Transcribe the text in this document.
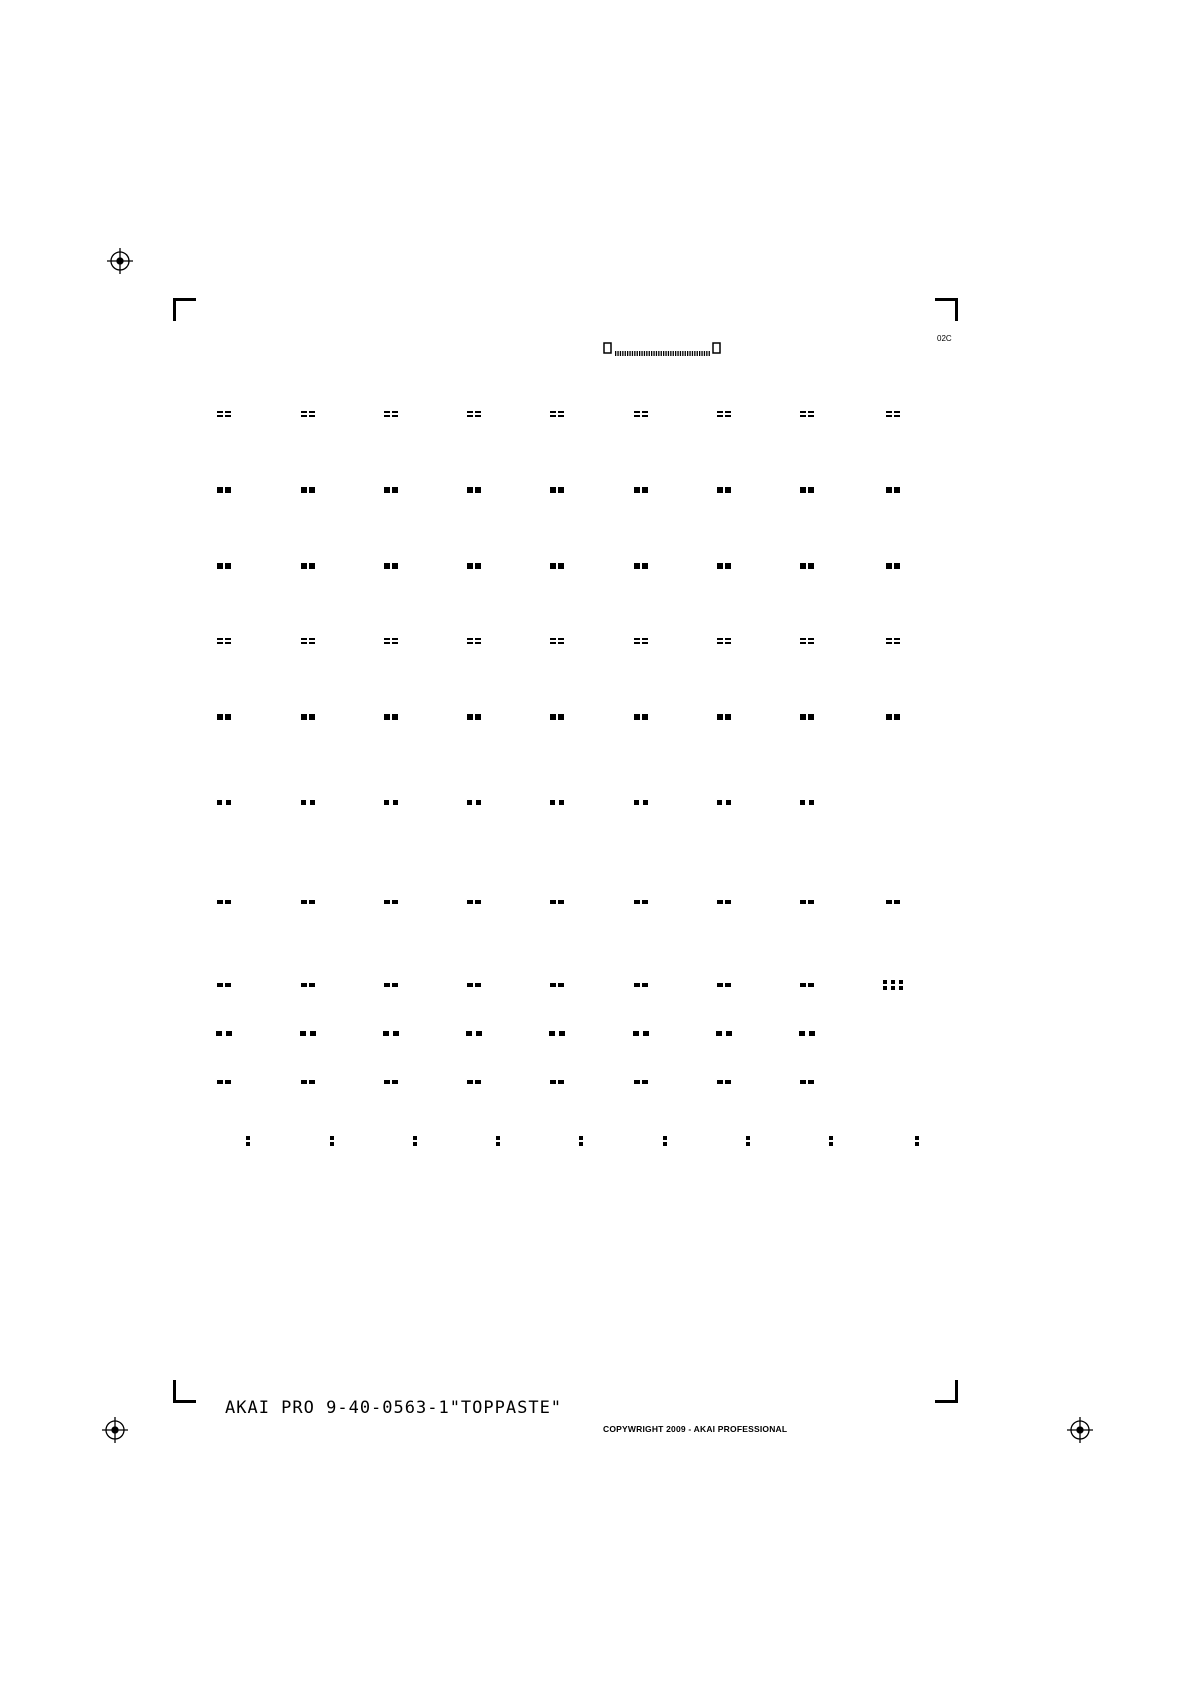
02C
AKAI PRO 9-40-0563-1"TOPPASTE"
COPYWRIGHT 2009 - AKAI PROFESSIONAL
